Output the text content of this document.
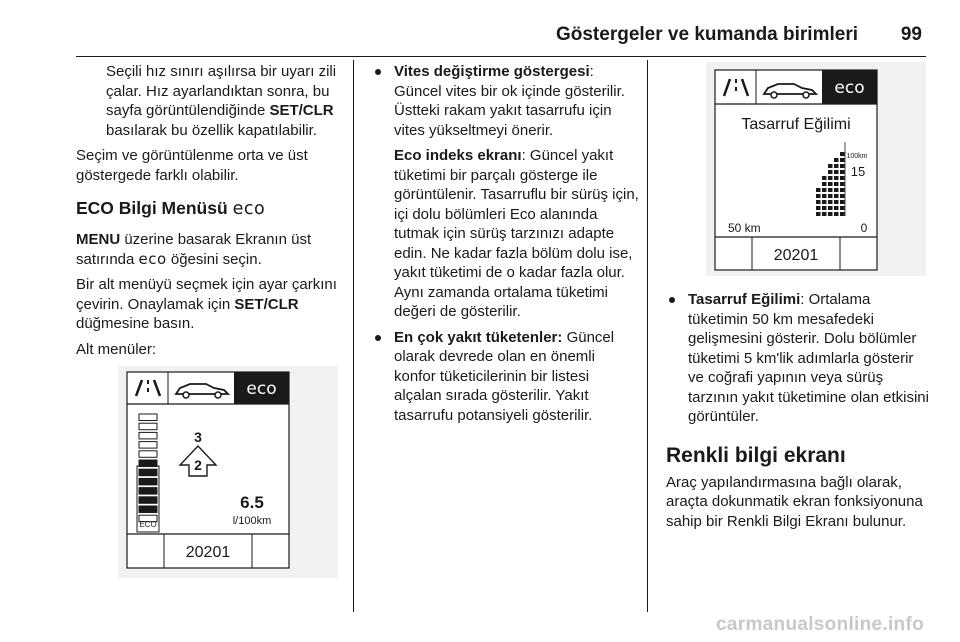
Göstergeler ve kumanda birimleri 99

Seçili hız sınırı aşılırsa bir uyarı zili çalar. Hız ayarlandıktan sonra, bu sayfa görüntülendiğinde SET/CLR basılarak bu özellik kapatılabilir.

Seçim ve görüntülenme orta ve üst göstergede farklı olabilir.

ECO Bilgi Menüsü eco

MENU üzerine basarak Ekranın üst satırında eco öğesini seçin.

Bir alt menüyü seçmek için ayar çarkını çevirin. Onaylamak için SET/CLR düğmesine basın.

Alt menüler:

eco
ECO
3
2
6.5
l/100km
20201

Vites değiştirme göstergesi: Güncel vites bir ok içinde gösterilir. Üstteki rakam yakıt tasarrufu için vites yükseltmeyi önerir.

Eco indeks ekranı: Güncel yakıt tüketimi bir parçalı gösterge ile görüntülenir. Tasarruflu bir sürüş için, içi dolu bölümleri Eco alanında tutmak için sürüş tarzınızı adapte edin. Ne kadar fazla bölüm dolu ise, yakıt tüketimi de o kadar fazla olur. Aynı zamanda ortalama tüketimi değeri de gösterilir.

En çok yakıt tüketenler: Güncel olarak devrede olan en önemli konfor tüketicilerinin bir listesi alçalan sırada gösterilir. Yakıt tasarrufu potansiyeli gösterilir.

eco
Tasarruf Eğilimi
100km
15
50 km	0
20201

Tasarruf Eğilimi: Ortalama tüketimin 50 km mesafedeki gelişmesini gösterir. Dolu bölümler tüketimi 5 km'lik adımlarla gösterir ve coğrafi yapının veya sürüş tarzının yakıt tüketimine olan etkisini görüntüler.

Renkli bilgi ekranı

Araç yapılandırmasına bağlı olarak, araçta dokunmatik ekran fonksiyonuna sahip bir Renkli Bilgi Ekranı bulunur.

carmanualsonline.info
